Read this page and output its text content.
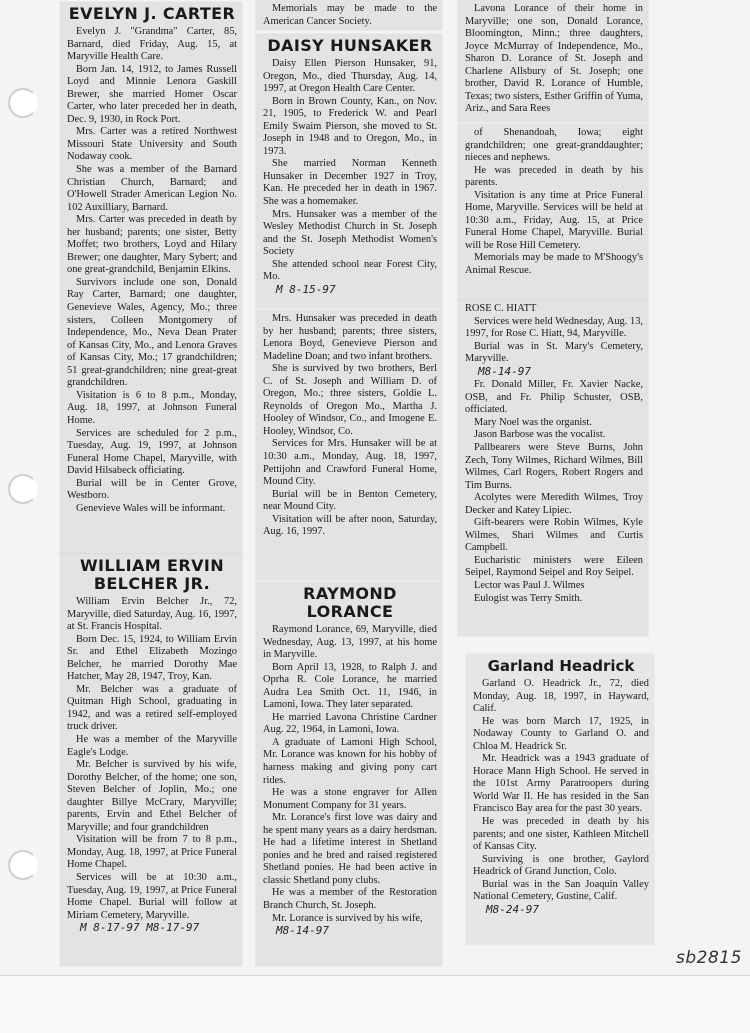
EVELYN J. CARTER

Evelyn J. "Grandma" Carter, 85, Barnard, died Friday, Aug. 15, at Maryville Health Care.

Born Jan. 14, 1912, to James Russell Loyd and Minnie Lenora Gaskill Brewer, she married Homer Oscar Carter, who later preceded her in death, Dec. 9, 1930, in Rock Port.

Mrs. Carter was a retired Northwest Missouri State University and South Nodaway cook.

She was a member of the Barnard Christian Church, Barnard; and O'Howell Strader American Legion No. 102 Auxilliary, Barnard.

Mrs. Carter was preceded in death by her husband; parents; one sister, Betty Moffet; two brothers, Loyd and Hilary Brewer; one daughter, Mary Sybert; and one great-grandchild, Benjamin Elkins.

Survivors include one son, Donald Ray Carter, Barnard; one daughter, Genevieve Wales, Agency, Mo.; three sisters, Colleen Montgomery of Independence, Mo., Neva Dean Prater of Kansas City, Mo., and Lenora Graves of Kansas City, Mo.; 17 grandchildren; 51 great-grandchildren; nine great-great grandchildren.

Visitation is 6 to 8 p.m., Monday, Aug. 18, 1997, at Johnson Funeral Home.

Services are scheduled for 2 p.m., Tuesday, Aug. 19, 1997, at Johnson Funeral Home Chapel, Maryville, with David Hilsabeck officiating.

Burial will be in Center Grove, Westboro.

Genevieve Wales will be informant.

WILLIAM ERVIN
BELCHER JR.

William Ervin Belcher Jr., 72, Maryville, died Saturday, Aug. 16, 1997, at St. Francis Hospital.

Born Dec. 15, 1924, to William Ervin Sr. and Ethel Elizabeth Mozingo Belcher, he married Dorothy Mae Hatcher, May 28, 1947, Troy, Kan.

Mr. Belcher was a graduate of Quitman High School, graduating in 1942, and was a retired self-employed truck driver.

He was a member of the Maryville Eagle's Lodge.

Mr. Belcher is survived by his wife, Dorothy Belcher, of the home; one son, Steven Belcher of Joplin, Mo.; one daughter Billye McCrary, Maryville; parents, Ervin and Ethel Belcher of Maryville; and four grandchildren

Visitation will be from 7 to 8 p.m., Monday, Aug. 18, 1997, at Price Funeral Home Chapel.

Services will be at 10:30 a.m., Tuesday, Aug. 19, 1997, at Price Funeral Home Chapel. Burial will follow at Miriam Cemetery, Maryville.

M 8-17-97 M8-17-97

Memorials may be made to the American Cancer Society.

DAISY HUNSAKER

Daisy Ellen Pierson Hunsaker, 91, Oregon, Mo., died Thursday, Aug. 14, 1997, at Oregon Health Care Center.

Born in Brown County, Kan., on Nov. 21, 1905, to Frederick W. and Pearl Emily Swaim Pierson, she moved to St. Joseph in 1948 and to Oregon, Mo., in 1973.

She married Norman Kenneth Hunsaker in December 1927 in Troy, Kan. He preceded her in death in 1967. She was a homemaker.

Mrs. Hunsaker was a member of the Wesley Methodist Church in St. Joseph and the St. Joseph Methodist Women's Society

She attended school near Forest City, Mo.

M 8-15-97

Mrs. Hunsaker was preceded in death by her husband; parents; three sisters, Lenora Boyd, Genevieve Pierson and Madeline Doan; and two infant brothers.

She is survived by two brothers, Berl C. of St. Joseph and William D. of Oregon, Mo.; three sisters, Goldie L. Reynolds of Oregon Mo., Martha J. Hooley of Windsor, Co., and Imogene E. Hooley, Windsor, Co.

Services for Mrs. Hunsaker will be at 10:30 a.m., Monday, Aug. 18, 1997, Pettijohn and Crawford Funeral Home, Mound City.

Burial will be in Benton Cemetery, near Mound City.

Visitation will be after noon, Saturday, Aug. 16, 1997.

RAYMOND LORANCE

Raymond Lorance, 69, Maryville, died Wednesday, Aug. 13, 1997, at his home in Maryville.

Born April 13, 1928, to Ralph J. and Oprha R. Cole Lorance, he married Audra Lea Smith Oct. 11, 1946, in Lamoni, Iowa. They later separated.

He married Lavona Christine Cardner Aug. 22, 1964, in Lamoni, Iowa.

A graduate of Lamoni High School, Mr. Lorance was known for his hobby of harness making and giving pony cart rides.

He was a stone engraver for Allen Monument Company for 31 years.

Mr. Lorance's first love was dairy and he spent many years as a dairy herdsman. He had a lifetime interest in Shetland ponies and he bred and raised registered Shetland ponies. He had been active in classic Shetland pony clubs.

He was a member of the Restoration Branch Church, St. Joseph.

Mr. Lorance is survived by his wife,

M8-14-97

Lavona Lorance of their home in Maryville; one son, Donald Lorance, Bloomington, Minn.; three daughters, Joyce McMurray of Independence, Mo., Sharon D. Lorance of St. Joseph and Charlene Allsbury of St. Joseph; one brother, David R. Lorance of Humble, Texas; two sisters, Esther Griffin of Yuma, Ariz., and Sara Rees

of Shenandoah, Iowa; eight grandchildren; one great-granddaughter; nieces and nephews.

He was preceded in death by his parents.

Visitation is any time at Price Funeral Home, Maryville. Services will be held at 10:30 a.m., Friday, Aug. 15, at Price Funeral Home Chapel, Maryville. Burial will be Rose Hill Cemetery.

Memorials may be made to M'Shoogy's Animal Rescue.

ROSE C. HIATT

Services were held Wednesday, Aug. 13, 1997, for Rose C. Hiatt, 94, Maryville.

Burial was in St. Mary's Cemetery, Maryville.

M8-14-97

Fr. Donald Miller, Fr. Xavier Nacke, OSB, and Fr. Philip Schuster, OSB, officiated.

Mary Noel was the organist.

Jason Barbose was the vocalist.

Pallbearers were Steve Burns, John Zech, Tony Wilmes, Richard Wilmes, Bill Wilmes, Carl Rogers, Robert Rogers and Tim Burns.

Acolytes were Meredith Wilmes, Troy Decker and Katey Lipiec.

Gift-bearers were Robin Wilmes, Kyle Wilmes, Shari Wilmes and Curtis Campbell.

Eucharistic ministers were Eileen Seipel, Raymond Seipel and Roy Seipel.

Lector was Paul J. Wilmes

Eulogist was Terry Smith.

Garland Headrick

Garland O. Headrick Jr., 72, died Monday, Aug. 18, 1997, in Hayward, Calif.

He was born March 17, 1925, in Nodaway County to Garland O. and Chloa M. Headrick Sr.

Mr. Headrick was a 1943 graduate of Horace Mann High School. He served in the 101st Army Paratroopers during World War II. He has resided in the San Francisco Bay area for the past 30 years.

He was preceded in death by his parents; and one sister, Kathleen Mitchell of Kansas City.

Surviving is one brother, Gaylord Headrick of Grand Junction, Colo.

Burial was in the San Joaquin Valley National Cemetery, Gustine, Calif.

M8-24-97

sb2815
